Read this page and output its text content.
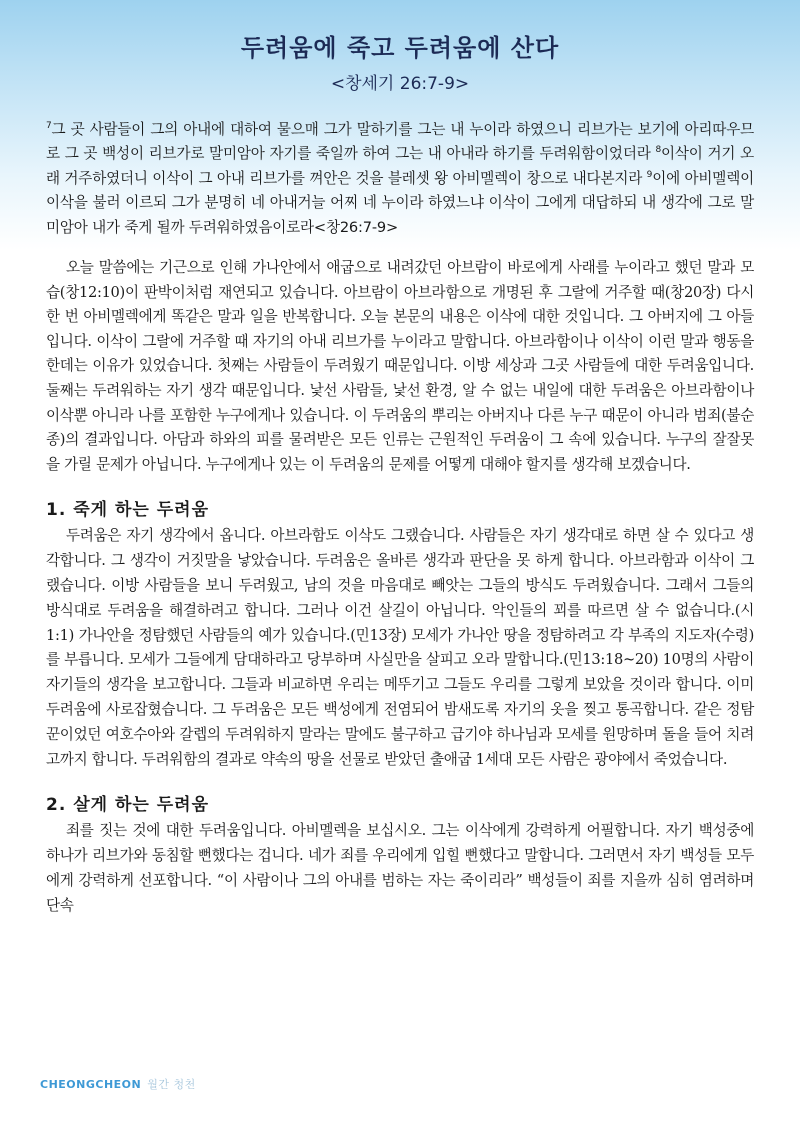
두려움에 죽고 두려움에 산다
<창세기 26:7-9>

$^7$그 곳 사람들이 그의 아내에 대하여 물으매 그가 말하기를 그는 내 누이라 하였으니 리브가는 보기에 아리따우므로 그 곳 백성이 리브가로 말미암아 자기를 죽일까 하여 그는 내 아내라 하기를 두려워함이었더라 $^8$이삭이 거기 오래 거주하였더니 이삭이 그 아내 리브가를 껴안은 것을 블레셋 왕 아비멜렉이 창으로 내다본지라 $^9$이에 아비멜렉이 이삭을 불러 이르되 그가 분명히 네 아내거늘 어찌 네 누이라 하였느냐 이삭이 그에게 대답하되 내 생각에 그로 말미암아 내가 죽게 될까 두려워하였음이로라<창26:7-9>

오늘 말씀에는 기근으로 인해 가나안에서 애굽으로 내려갔던 아브람이 바로에게 사래를 누이라고 했던 말과 모습(창12:10)이 판박이처럼 재연되고 있습니다. 아브람이 아브라함으로 개명된 후 그랄에 거주할 때(창20장) 다시 한 번 아비멜렉에게 똑같은 말과 일을 반복합니다. 오늘 본문의 내용은 이삭에 대한 것입니다. 그 아버지에 그 아들입니다. 이삭이 그랄에 거주할 때 자기의 아내 리브가를 누이라고 말합니다. 아브라함이나 이삭이 이런 말과 행동을 한데는 이유가 있었습니다. 첫째는 사람들이 두려웠기 때문입니다. 이방 세상과 그곳 사람들에 대한 두려움입니다. 둘째는 두려워하는 자기 생각 때문입니다. 낯선 사람들, 낯선 환경, 알 수 없는 내일에 대한 두려움은 아브라함이나 이삭뿐 아니라 나를 포함한 누구에게나 있습니다. 이 두려움의 뿌리는 아버지나 다른 누구 때문이 아니라 범죄(불순종)의 결과입니다. 아담과 하와의 피를 물려받은 모든 인류는 근원적인 두려움이 그 속에 있습니다. 누구의 잘잘못을 가릴 문제가 아닙니다. 누구에게나 있는 이 두려움의 문제를 어떻게 대해야 할지를 생각해 보겠습니다.

1. 죽게 하는 두려움

두려움은 자기 생각에서 옵니다. 아브라함도 이삭도 그랬습니다. 사람들은 자기 생각대로 하면 살 수 있다고 생각합니다. 그 생각이 거짓말을 낳았습니다. 두려움은 올바른 생각과 판단을 못 하게 합니다. 아브라함과 이삭이 그랬습니다. 이방 사람들을 보니 두려웠고, 남의 것을 마음대로 빼앗는 그들의 방식도 두려웠습니다. 그래서 그들의 방식대로 두려움을 해결하려고 합니다. 그러나 이건 살길이 아닙니다. 악인들의 꾀를 따르면 살 수 없습니다.(시1:1) 가나안을 정탐했던 사람들의 예가 있습니다.(민13장) 모세가 가나안 땅을 정탐하려고 각 부족의 지도자(수령)를 부릅니다. 모세가 그들에게 담대하라고 당부하며 사실만을 살피고 오라 말합니다.(민13:18~20) 10명의 사람이 자기들의 생각을 보고합니다. 그들과 비교하면 우리는 메뚜기고 그들도 우리를 그렇게 보았을 것이라 합니다. 이미 두려움에 사로잡혔습니다. 그 두려움은 모든 백성에게 전염되어 밤새도록 자기의 옷을 찢고 통곡합니다. 같은 정탐꾼이었던 여호수아와 갈렙의 두려워하지 말라는 말에도 불구하고 급기야 하나님과 모세를 원망하며 돌을 들어 치려고까지 합니다. 두려워함의 결과로 약속의 땅을 선물로 받았던 출애굽 1세대 모든 사람은 광야에서 죽었습니다.

2. 살게 하는 두려움

죄를 짓는 것에 대한 두려움입니다. 아비멜렉을 보십시오. 그는 이삭에게 강력하게 어필합니다. 자기 백성중에 하나가 리브가와 동침할 뻔했다는 겁니다. 네가 죄를 우리에게 입힐 뻔했다고 말합니다. 그러면서 자기 백성들 모두에게 강력하게 선포합니다. “이 사람이나 그의 아내를 범하는 자는 죽이리라” 백성들이 죄를 지을까 심히 염려하며 단속

CHEONGCHEON 월간 청천
